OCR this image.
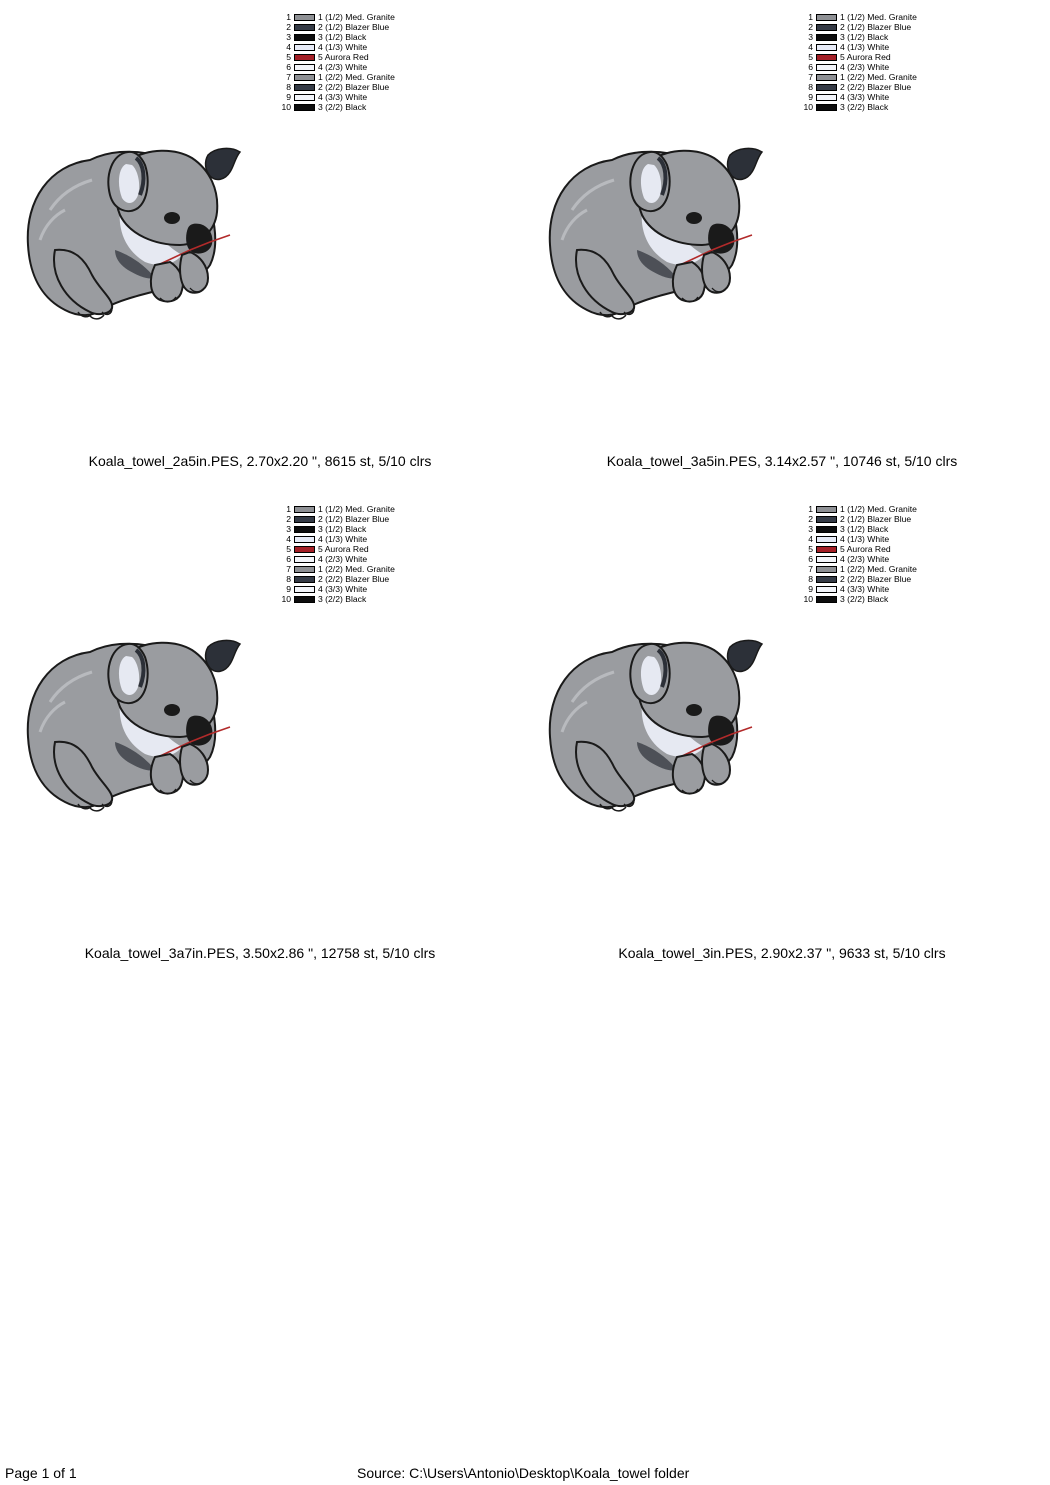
1	1 (1/2) Med. Granite
2	2 (1/2) Blazer Blue
3	3 (1/2) Black
4	4 (1/3) White
5	5 Aurora Red
6	4 (2/3) White
7	1 (2/2) Med. Granite
8	2 (2/2) Blazer Blue
9	4 (3/3) White
10	3 (2/2) Black
Koala_towel_2a5in.PES, 2.70x2.20 ", 8615 st, 5/10 clrs
1	1 (1/2) Med. Granite
2	2 (1/2) Blazer Blue
3	3 (1/2) Black
4	4 (1/3) White
5	5 Aurora Red
6	4 (2/3) White
7	1 (2/2) Med. Granite
8	2 (2/2) Blazer Blue
9	4 (3/3) White
10	3 (2/2) Black
Koala_towel_3a5in.PES, 3.14x2.57 ", 10746 st, 5/10 clrs
1	1 (1/2) Med. Granite
2	2 (1/2) Blazer Blue
3	3 (1/2) Black
4	4 (1/3) White
5	5 Aurora Red
6	4 (2/3) White
7	1 (2/2) Med. Granite
8	2 (2/2) Blazer Blue
9	4 (3/3) White
10	3 (2/2) Black
Koala_towel_3a7in.PES, 3.50x2.86 ", 12758 st, 5/10 clrs
1	1 (1/2) Med. Granite
2	2 (1/2) Blazer Blue
3	3 (1/2) Black
4	4 (1/3) White
5	5 Aurora Red
6	4 (2/3) White
7	1 (2/2) Med. Granite
8	2 (2/2) Blazer Blue
9	4 (3/3) White
10	3 (2/2) Black
Koala_towel_3in.PES, 2.90x2.37 ", 9633 st, 5/10 clrs
Page 1 of 1	Source: C:\Users\Antonio\Desktop\Koala_towel folder
